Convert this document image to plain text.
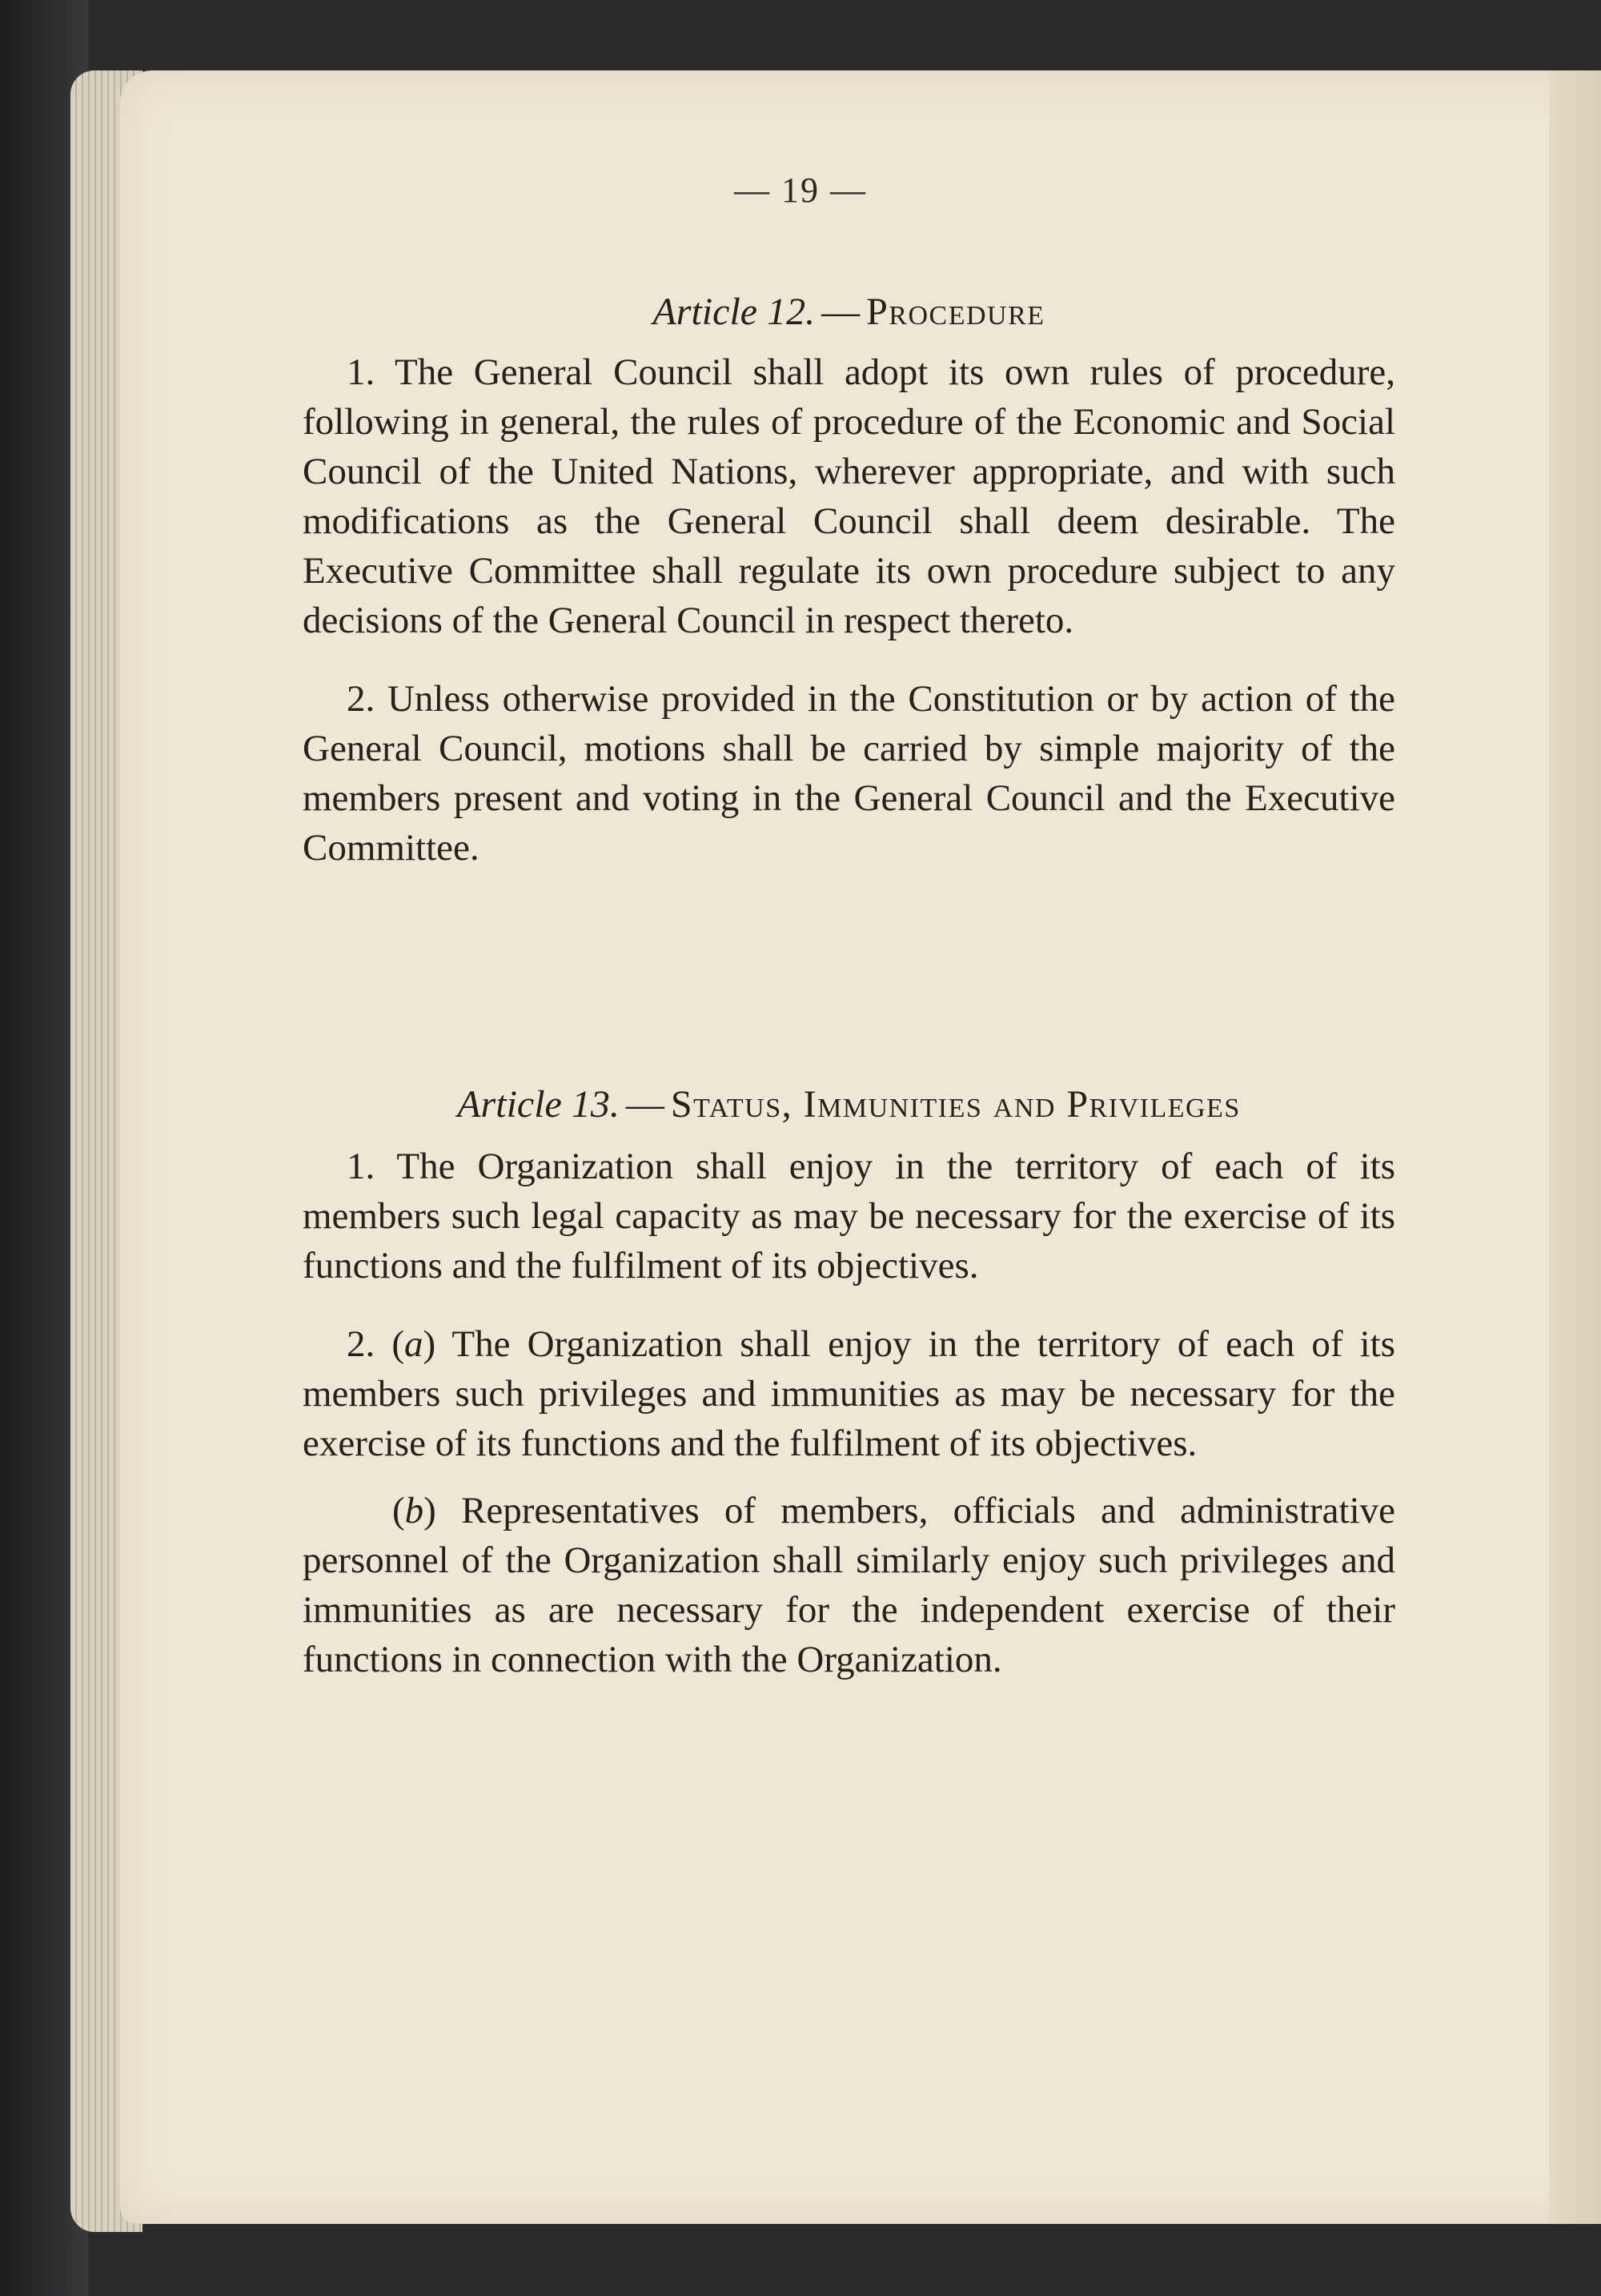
— 19 —

Article 12. — Procedure

1. The General Council shall adopt its own rules of procedure, following in general, the rules of procedure of the Economic and Social Council of the United Nations, wherever appropriate, and with such modifications as the General Council shall deem desirable. The Executive Committee shall regulate its own procedure subject to any decisions of the General Council in respect thereto.

2. Unless otherwise provided in the Constitution or by action of the General Council, motions shall be carried by simple majority of the members present and voting in the General Council and the Executive Committee.

Article 13. — Status, Immunities and Privileges

1. The Organization shall enjoy in the territory of each of its members such legal capacity as may be necessary for the exercise of its functions and the fulfilment of its objectives.

2. (a) The Organization shall enjoy in the territory of each of its members such privileges and immunities as may be necessary for the exercise of its functions and the fulfilment of its objectives.

(b) Representatives of members, officials and administrative personnel of the Organization shall similarly enjoy such privileges and immunities as are necessary for the independent exercise of their functions in connection with the Organization.
